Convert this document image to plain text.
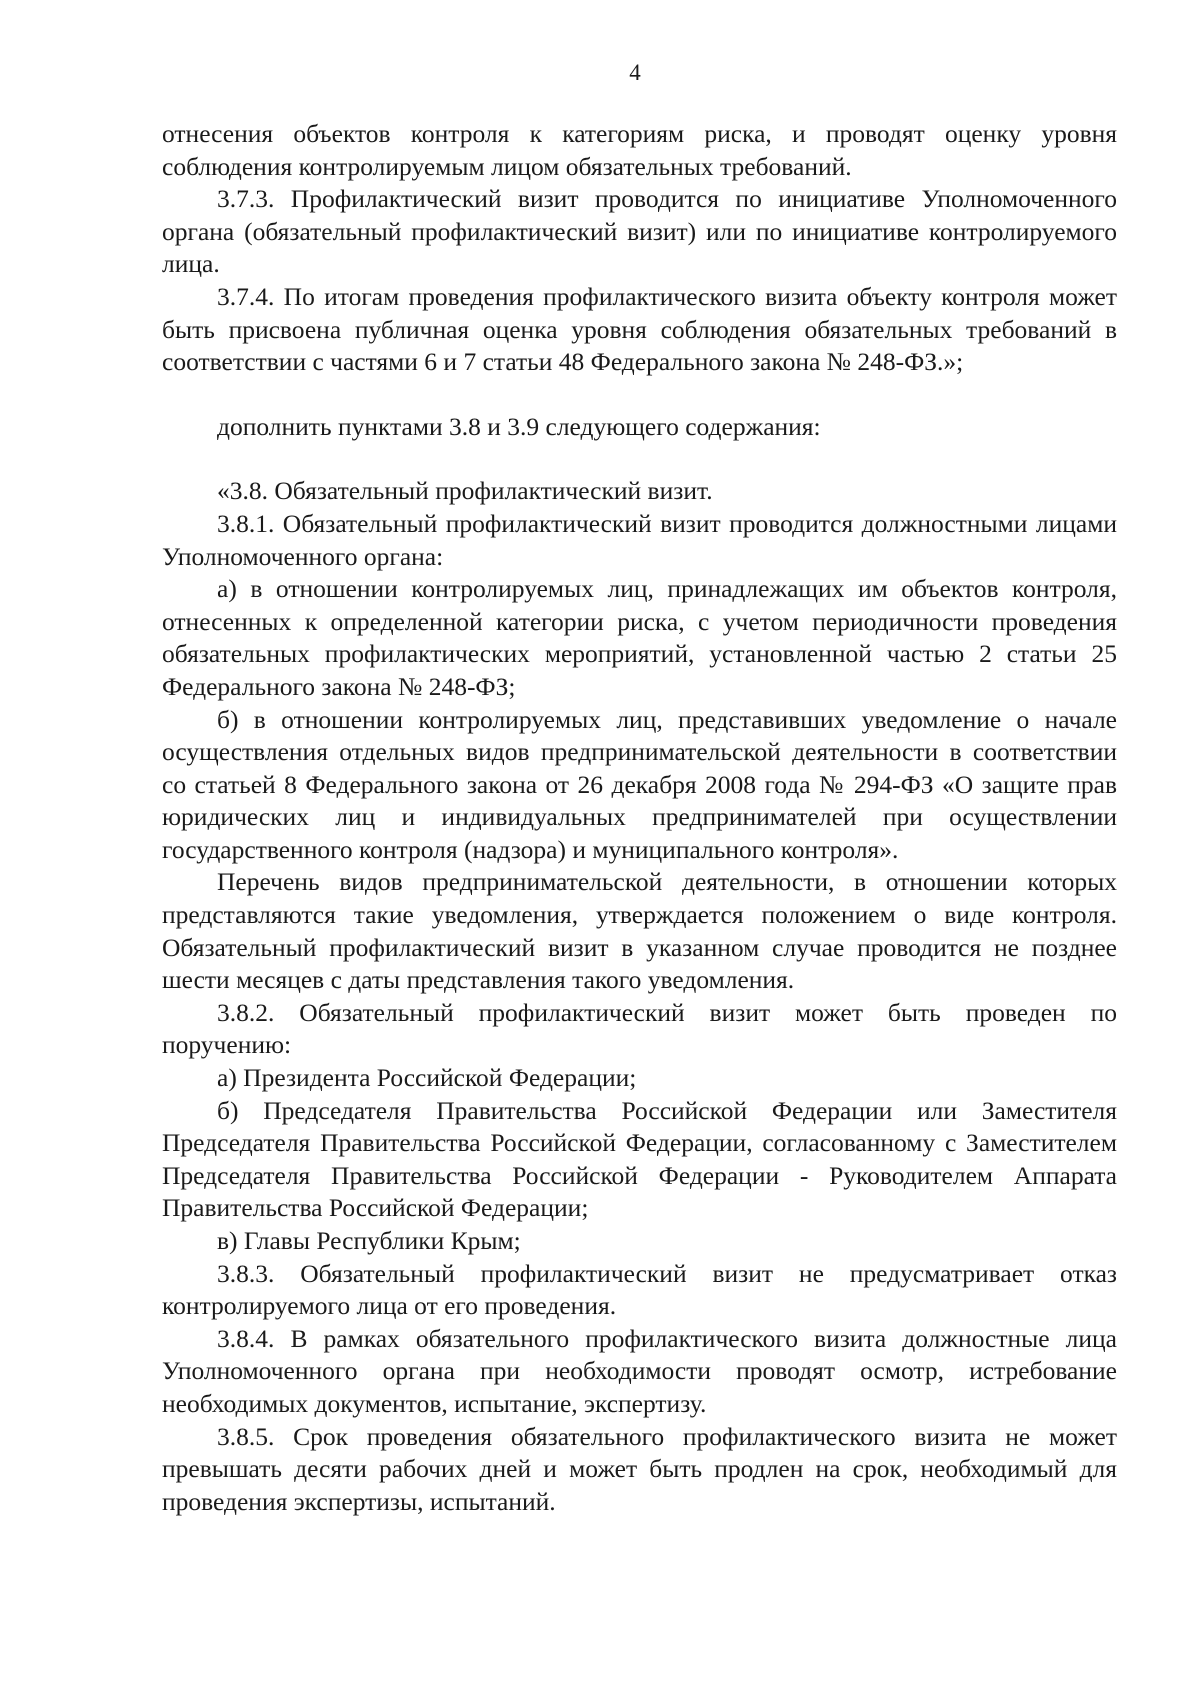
4

отнесения объектов контроля к категориям риска, и проводят оценку уровня соблюдения контролируемым лицом обязательных требований.

3.7.3. Профилактический визит проводится по инициативе Уполномоченного органа (обязательный профилактический визит) или по инициативе контролируемого лица.

3.7.4. По итогам проведения профилактического визита объекту контроля может быть присвоена публичная оценка уровня соблюдения обязательных требований в соответствии с частями 6 и 7 статьи 48 Федерального закона № 248-ФЗ.»;

дополнить пунктами 3.8 и 3.9 следующего содержания:

«3.8. Обязательный профилактический визит.

3.8.1. Обязательный профилактический визит проводится должностными лицами Уполномоченного органа:

а) в отношении контролируемых лиц, принадлежащих им объектов контроля, отнесенных к определенной категории риска, с учетом периодичности проведения обязательных профилактических мероприятий, установленной частью 2 статьи 25 Федерального закона № 248-ФЗ;

б) в отношении контролируемых лиц, представивших уведомление о начале осуществления отдельных видов предпринимательской деятельности в соответствии со статьей 8 Федерального закона от 26 декабря 2008 года № 294-ФЗ «О защите прав юридических лиц и индивидуальных предпринимателей при осуществлении государственного контроля (надзора) и муниципального контроля».

Перечень видов предпринимательской деятельности, в отношении которых представляются такие уведомления, утверждается положением о виде контроля. Обязательный профилактический визит в указанном случае проводится не позднее шести месяцев с даты представления такого уведомления.

3.8.2. Обязательный профилактический визит может быть проведен по поручению:

а) Президента Российской Федерации;

б) Председателя Правительства Российской Федерации или Заместителя Председателя Правительства Российской Федерации, согласованному с Заместителем Председателя Правительства Российской Федерации - Руководителем Аппарата Правительства Российской Федерации;

в) Главы Республики Крым;

3.8.3. Обязательный профилактический визит не предусматривает отказ контролируемого лица от его проведения.

3.8.4. В рамках обязательного профилактического визита должностные лица Уполномоченного органа при необходимости проводят осмотр, истребование необходимых документов, испытание, экспертизу.

3.8.5. Срок проведения обязательного профилактического визита не может превышать десяти рабочих дней и может быть продлен на срок, необходимый для проведения экспертизы, испытаний.
